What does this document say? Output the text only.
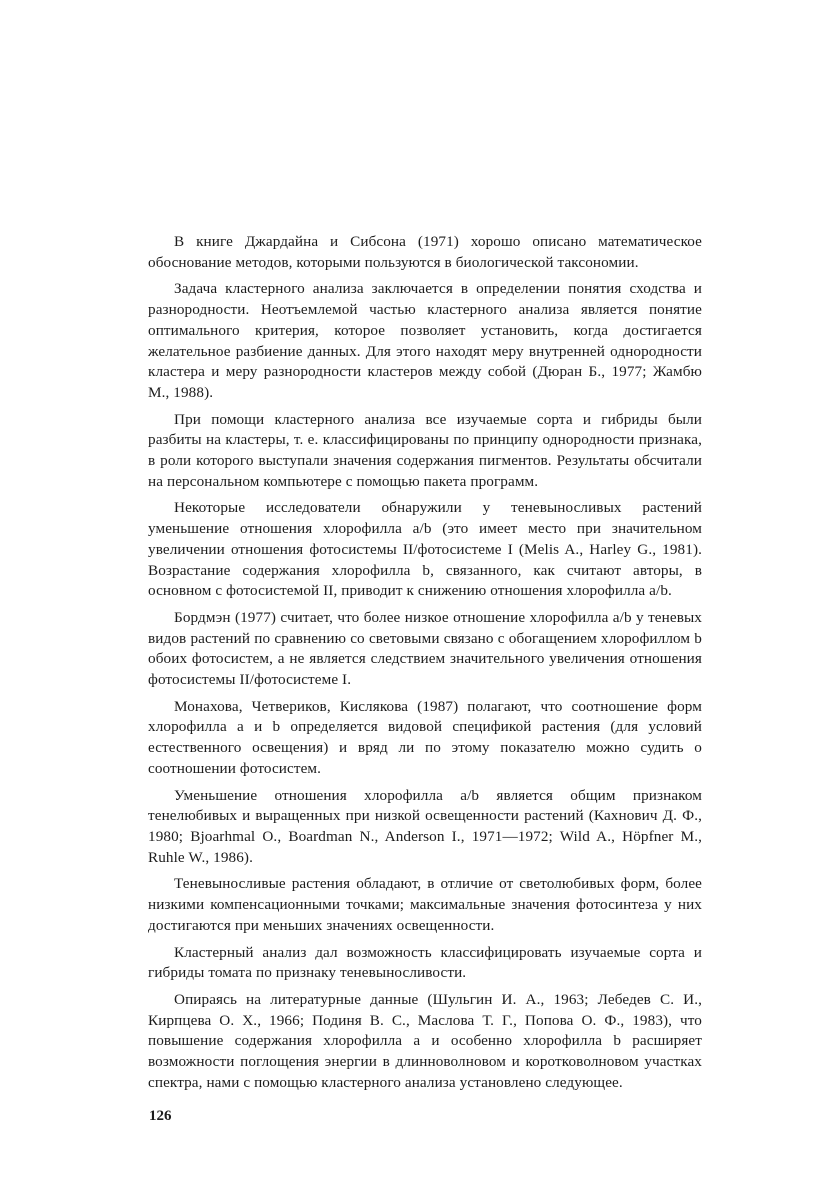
В книге Джардайна и Сибсона (1971) хорошо описано математическое обоснование методов, которыми пользуются в биологической таксономии.

Задача кластерного анализа заключается в определении понятия сходства и разнородности. Неотъемлемой частью кластерного анализа является понятие оптимального критерия, которое позволяет установить, когда достигается желательное разбиение данных. Для этого находят меру внутренней однородности кластера и меру разнородности кластеров между собой (Дюран Б., 1977; Жамбю М., 1988).

При помощи кластерного анализа все изучаемые сорта и гибриды были разбиты на кластеры, т. е. классифицированы по принципу однородности признака, в роли которого выступали значения содержания пигментов. Результаты обсчитали на персональном компьютере с помощью пакета программ.

Некоторые исследователи обнаружили у теневыносливых растений уменьшение отношения хлорофилла a/b (это имеет место при значительном увеличении отношения фотосистемы II/фотосистеме I (Melis A., Harley G., 1981). Возрастание содержания хлорофилла b, связанного, как считают авторы, в основном с фотосистемой II, приводит к снижению отношения хлорофилла a/b.

Бордмэн (1977) считает, что более низкое отношение хлорофилла a/b у теневых видов растений по сравнению со световыми связано с обогащением хлорофиллом b обоих фотосистем, а не является следствием значительного увеличения отношения фотосистемы II/фотосистеме I.

Монахова, Четвериков, Кислякова (1987) полагают, что соотношение форм хлорофилла a и b определяется видовой спецификой растения (для условий естественного освещения) и вряд ли по этому показателю можно судить о соотношении фотосистем.

Уменьшение отношения хлорофилла a/b является общим признаком тенелюбивых и выращенных при низкой освещенности растений (Кахнович Д. Ф., 1980; Bjoarhmal O., Boardman N., Anderson I., 1971—1972; Wild A., Höpfner M., Ruhle W., 1986).

Теневыносливые растения обладают, в отличие от светолюбивых форм, более низкими компенсационными точками; максимальные значения фотосинтеза у них достигаются при меньших значениях освещенности.

Кластерный анализ дал возможность классифицировать изучаемые сорта и гибриды томата по признаку теневыносливости.

Опираясь на литературные данные (Шульгин И. А., 1963; Лебедев С. И., Кирпцева О. Х., 1966; Подиня В. С., Маслова Т. Г., Попова О. Ф., 1983), что повышение содержания хлорофилла a и особенно хлорофилла b расширяет возможности поглощения энергии в длинноволновом и коротковолновом участках спектра, нами с помощью кластерного анализа установлено следующее.

126
